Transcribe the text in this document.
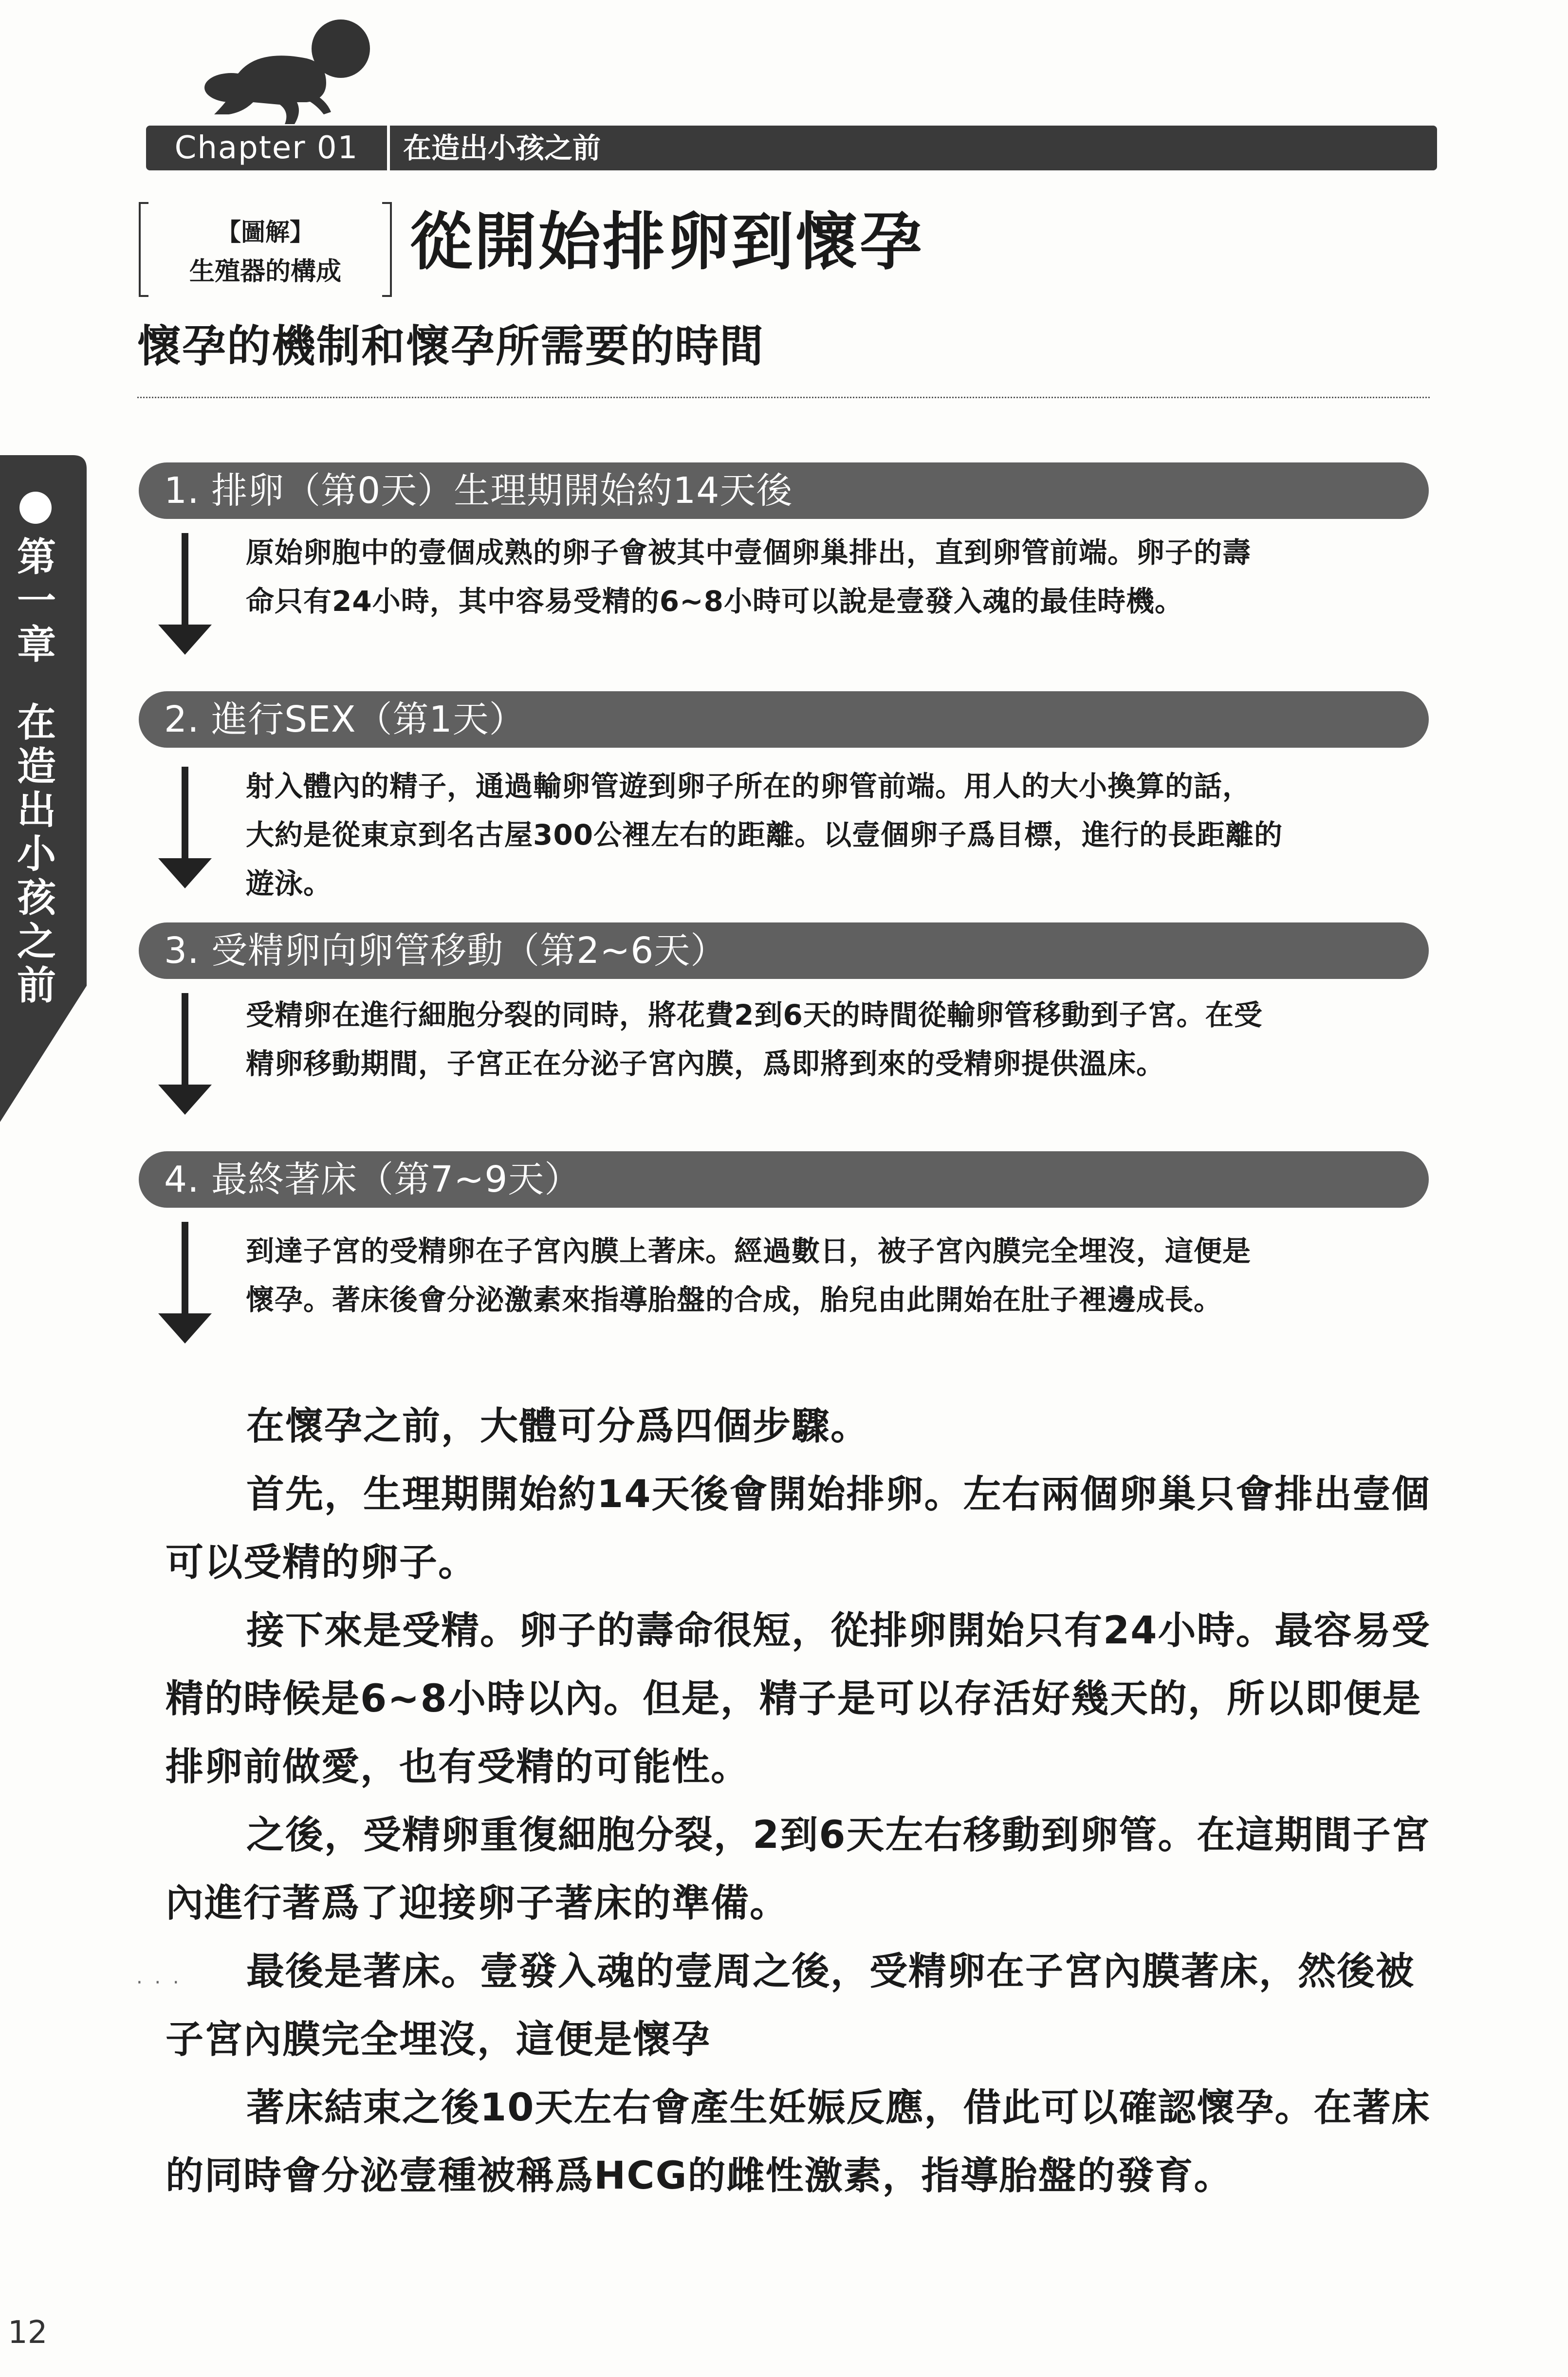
Chapter 01	在造出小孩之前
【圖解】
生殖器的構成	從開始排卵到懷孕
懷孕的機制和懷孕所需要的時間
第
一
章
在
造
出
小
孩
之
前
1. 排卵（第0天）生理期開始約14天後
原始卵胞中的壹個成熟的卵子會被其中壹個卵巢排出，直到卵管前端。卵子的壽
命只有24小時，其中容易受精的6~8小時可以說是壹發入魂的最佳時機。
2. 進行SEX（第1天）
射入體內的精子，通過輸卵管遊到卵子所在的卵管前端。用人的大小換算的話，
大約是從東京到名古屋300公裡左右的距離。以壹個卵子爲目標，進行的長距離的
遊泳。
3. 受精卵向卵管移動（第2~6天）
受精卵在進行細胞分裂的同時，將花費2到6天的時間從輸卵管移動到子宮。在受
精卵移動期間，子宮正在分泌子宮內膜，爲即將到來的受精卵提供溫床。
4. 最終著床（第7~9天）
到達子宮的受精卵在子宮內膜上著床。經過數日，被子宮內膜完全埋沒，這便是
懷孕。著床後會分泌激素來指導胎盤的合成，胎兒由此開始在肚子裡邊成長。

在懷孕之前，大體可分爲四個步驟。

首先，生理期開始約14天後會開始排卵。左右兩個卵巢只會排出壹個可以受精的卵子。

接下來是受精。卵子的壽命很短，從排卵開始只有24小時。最容易受精的時候是6~8小時以內。但是，精子是可以存活好幾天的，所以即便是排卵前做愛，也有受精的可能性。

之後，受精卵重復細胞分裂，2到6天左右移動到卵管。在這期間子宮內進行著爲了迎接卵子著床的準備。

最後是著床。壹發入魂的壹周之後，受精卵在子宮內膜著床，然後被子宮內膜完全埋沒，這便是懷孕

著床結束之後10天左右會產生妊娠反應，借此可以確認懷孕。在著床的同時會分泌壹種被稱爲HCG的雌性激素，指導胎盤的發育。

· · ·
12
